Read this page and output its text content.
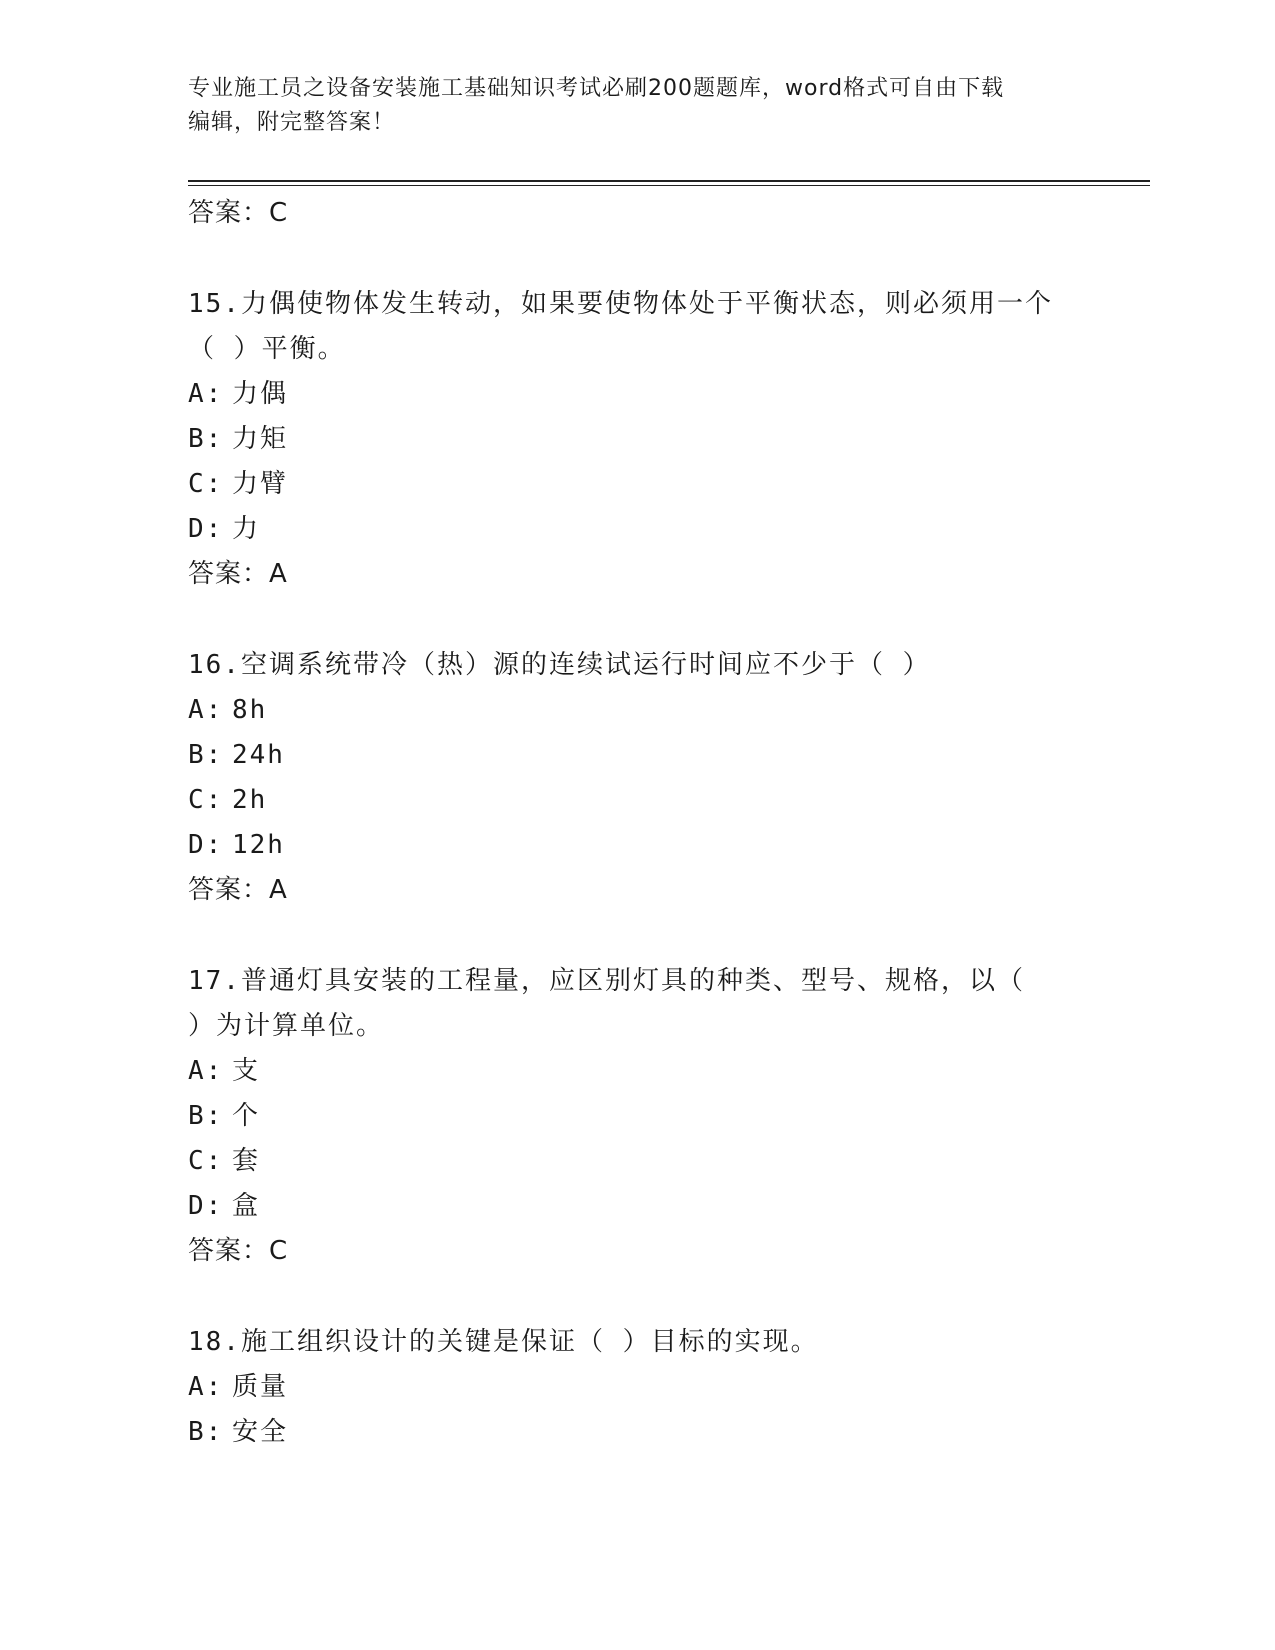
专业施工员之设备安装施工基础知识考试必刷200题题库，word格式可自由下载
编辑，附完整答案！
答案：C
15.力偶使物体发生转动，如果要使物体处于平衡状态，则必须用一个
（ ）平衡。
A: 力偶
B: 力矩
C: 力臂
D: 力
答案：A
16.空调系统带冷（热）源的连续试运行时间应不少于（ ）
A: 8h
B: 24h
C: 2h
D: 12h
答案：A
17.普通灯具安装的工程量，应区别灯具的种类、型号、规格，以（
）为计算单位。
A: 支
B: 个
C: 套
D: 盒
答案：C
18.施工组织设计的关键是保证（ ）目标的实现。
A: 质量
B: 安全
